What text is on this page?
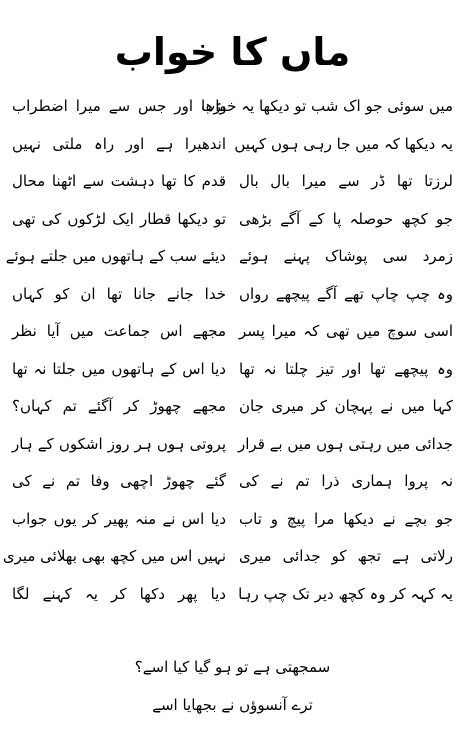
ماں کا خواب
میں سوئی جو اک شب تو دیکھا یہ خواب
بڑھا اور جس سے میرا اضطراب
یہ دیکھا کہ میں جا رہی ہوں کہیں
اندھیرا ہے اور راہ ملتی نہیں
لرزتا تھا ڈر سے میرا بال بال
قدم کا تھا دہشت سے اٹھنا محال
جو کچھ حوصلہ پا کے آگے بڑھی
تو دیکھا قطار ایک لڑکوں کی تھی
زمرد سی پوشاک پہنے ہوئے
دیئے سب کے ہاتھوں میں جلتے ہوئے
وہ چپ چاپ تھے آگے پیچھے رواں
خدا جانے جانا تھا ان کو کہاں
اسی سوچ میں تھی کہ میرا پسر
مجھے اس جماعت میں آیا نظر
وہ پیچھے تھا اور تیز چلتا نہ تھا
دیا اس کے ہاتھوں میں جلتا نہ تھا
کہا میں نے پہچان کر میری جان
مجھے چھوڑ کر آگئے تم کہاں؟
جدائی میں رہتی ہوں میں بے قرار
پروتی ہوں ہر روز اشکوں کے ہار
نہ پروا ہماری ذرا تم نے کی
گئے چھوڑ اچھی وفا تم نے کی
جو بچے نے دیکھا مرا پیچ و تاب
دیا اس نے منہ پھیر کر یوں جواب
رلاتی ہے تجھ کو جدائی میری
نہیں اس میں کچھ بھی بھلائی میری
یہ کہہ کر وہ کچھ دیر تک چپ رہا
دیا پھر دکھا کر یہ کہنے لگا
سمجھتی ہے تو ہو گیا کیا اسے؟
ترے آنسوؤں نے بجھایا اسے
